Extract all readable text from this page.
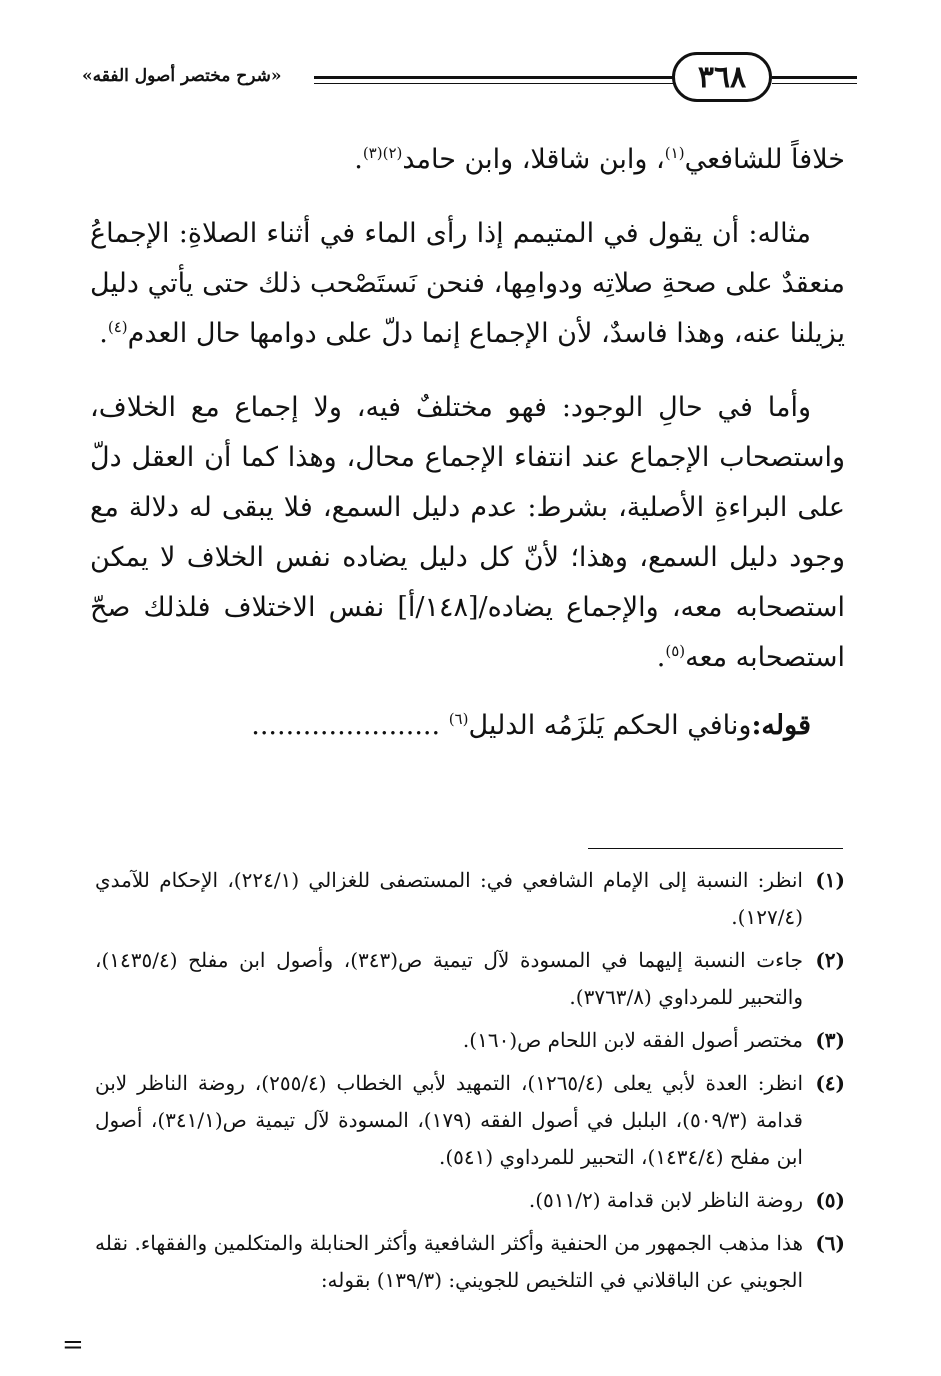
«شرح مختصر أصول الفقه»	٣٦٨

خلافاً للشافعي$^{(١)}$، وابن شاقلا، وابن حامد$^{(٢)(٣)}$.

مثاله: أن يقول في المتيمم إذا رأى الماء في أثناء الصلاةِ: الإجماعُ منعقدٌ على صحةِ صلاتِه ودوامِها، فنحن نَستَصْحب ذلك حتى يأتي دليل يزيلنا عنه، وهذا فاسدٌ، لأن الإجماع إنما دلّ على دوامها حال العدم$^{(٤)}$.

وأما في حالِ الوجود: فهو مختلفٌ فيه، ولا إجماع مع الخلاف، واستصحاب الإجماع عند انتفاء الإجماع محال، وهذا كما أن العقل دلّ على البراءةِ الأصلية، بشرط: عدم دليل السمع، فلا يبقى له دلالة مع وجود دليل السمع، وهذا؛ لأنّ كل دليل يضاده نفس الخلاف لا يمكن استصحابه معه، والإجماع يضاده/[١٤٨/أ] نفس الاختلاف فلذلك صحّ استصحابه معه$^{(٥)}$.

قوله:ونافي الحكم يَلزَمُه الدليل$^{(٦)}$ ......................

(١)
انظر: النسبة إلى الإمام الشافعي في: المستصفى للغزالي (٢٢٤/١)، الإحكام للآمدي (١٢٧/٤).

(٢)
جاءت النسبة إليهما في المسودة لآل تيمية ص(٣٤٣)، وأصول ابن مفلح (١٤٣٥/٤)، والتحبير للمرداوي (٣٧٦٣/٨).

(٣)
مختصر أصول الفقه لابن اللحام ص(١٦٠).

(٤)
انظر: العدة لأبي يعلى (١٢٦٥/٤)، التمهيد لأبي الخطاب (٢٥٥/٤)، روضة الناظر لابن قدامة (٥٠٩/٣)، البلبل في أصول الفقه (١٧٩)، المسودة لآل تيمية ص(٣٤١/١)، أصول ابن مفلح (١٤٣٤/٤)، التحبير للمرداوي (٥٤١).

(٥)
روضة الناظر لابن قدامة (٥١١/٢).

(٦)
هذا مذهب الجمهور من الحنفية وأكثر الشافعية وأكثر الحنابلة والمتكلمين والفقهاء. نقله الجويني عن الباقلاني في التلخيص للجويني: (١٣٩/٣) بقوله:

=
